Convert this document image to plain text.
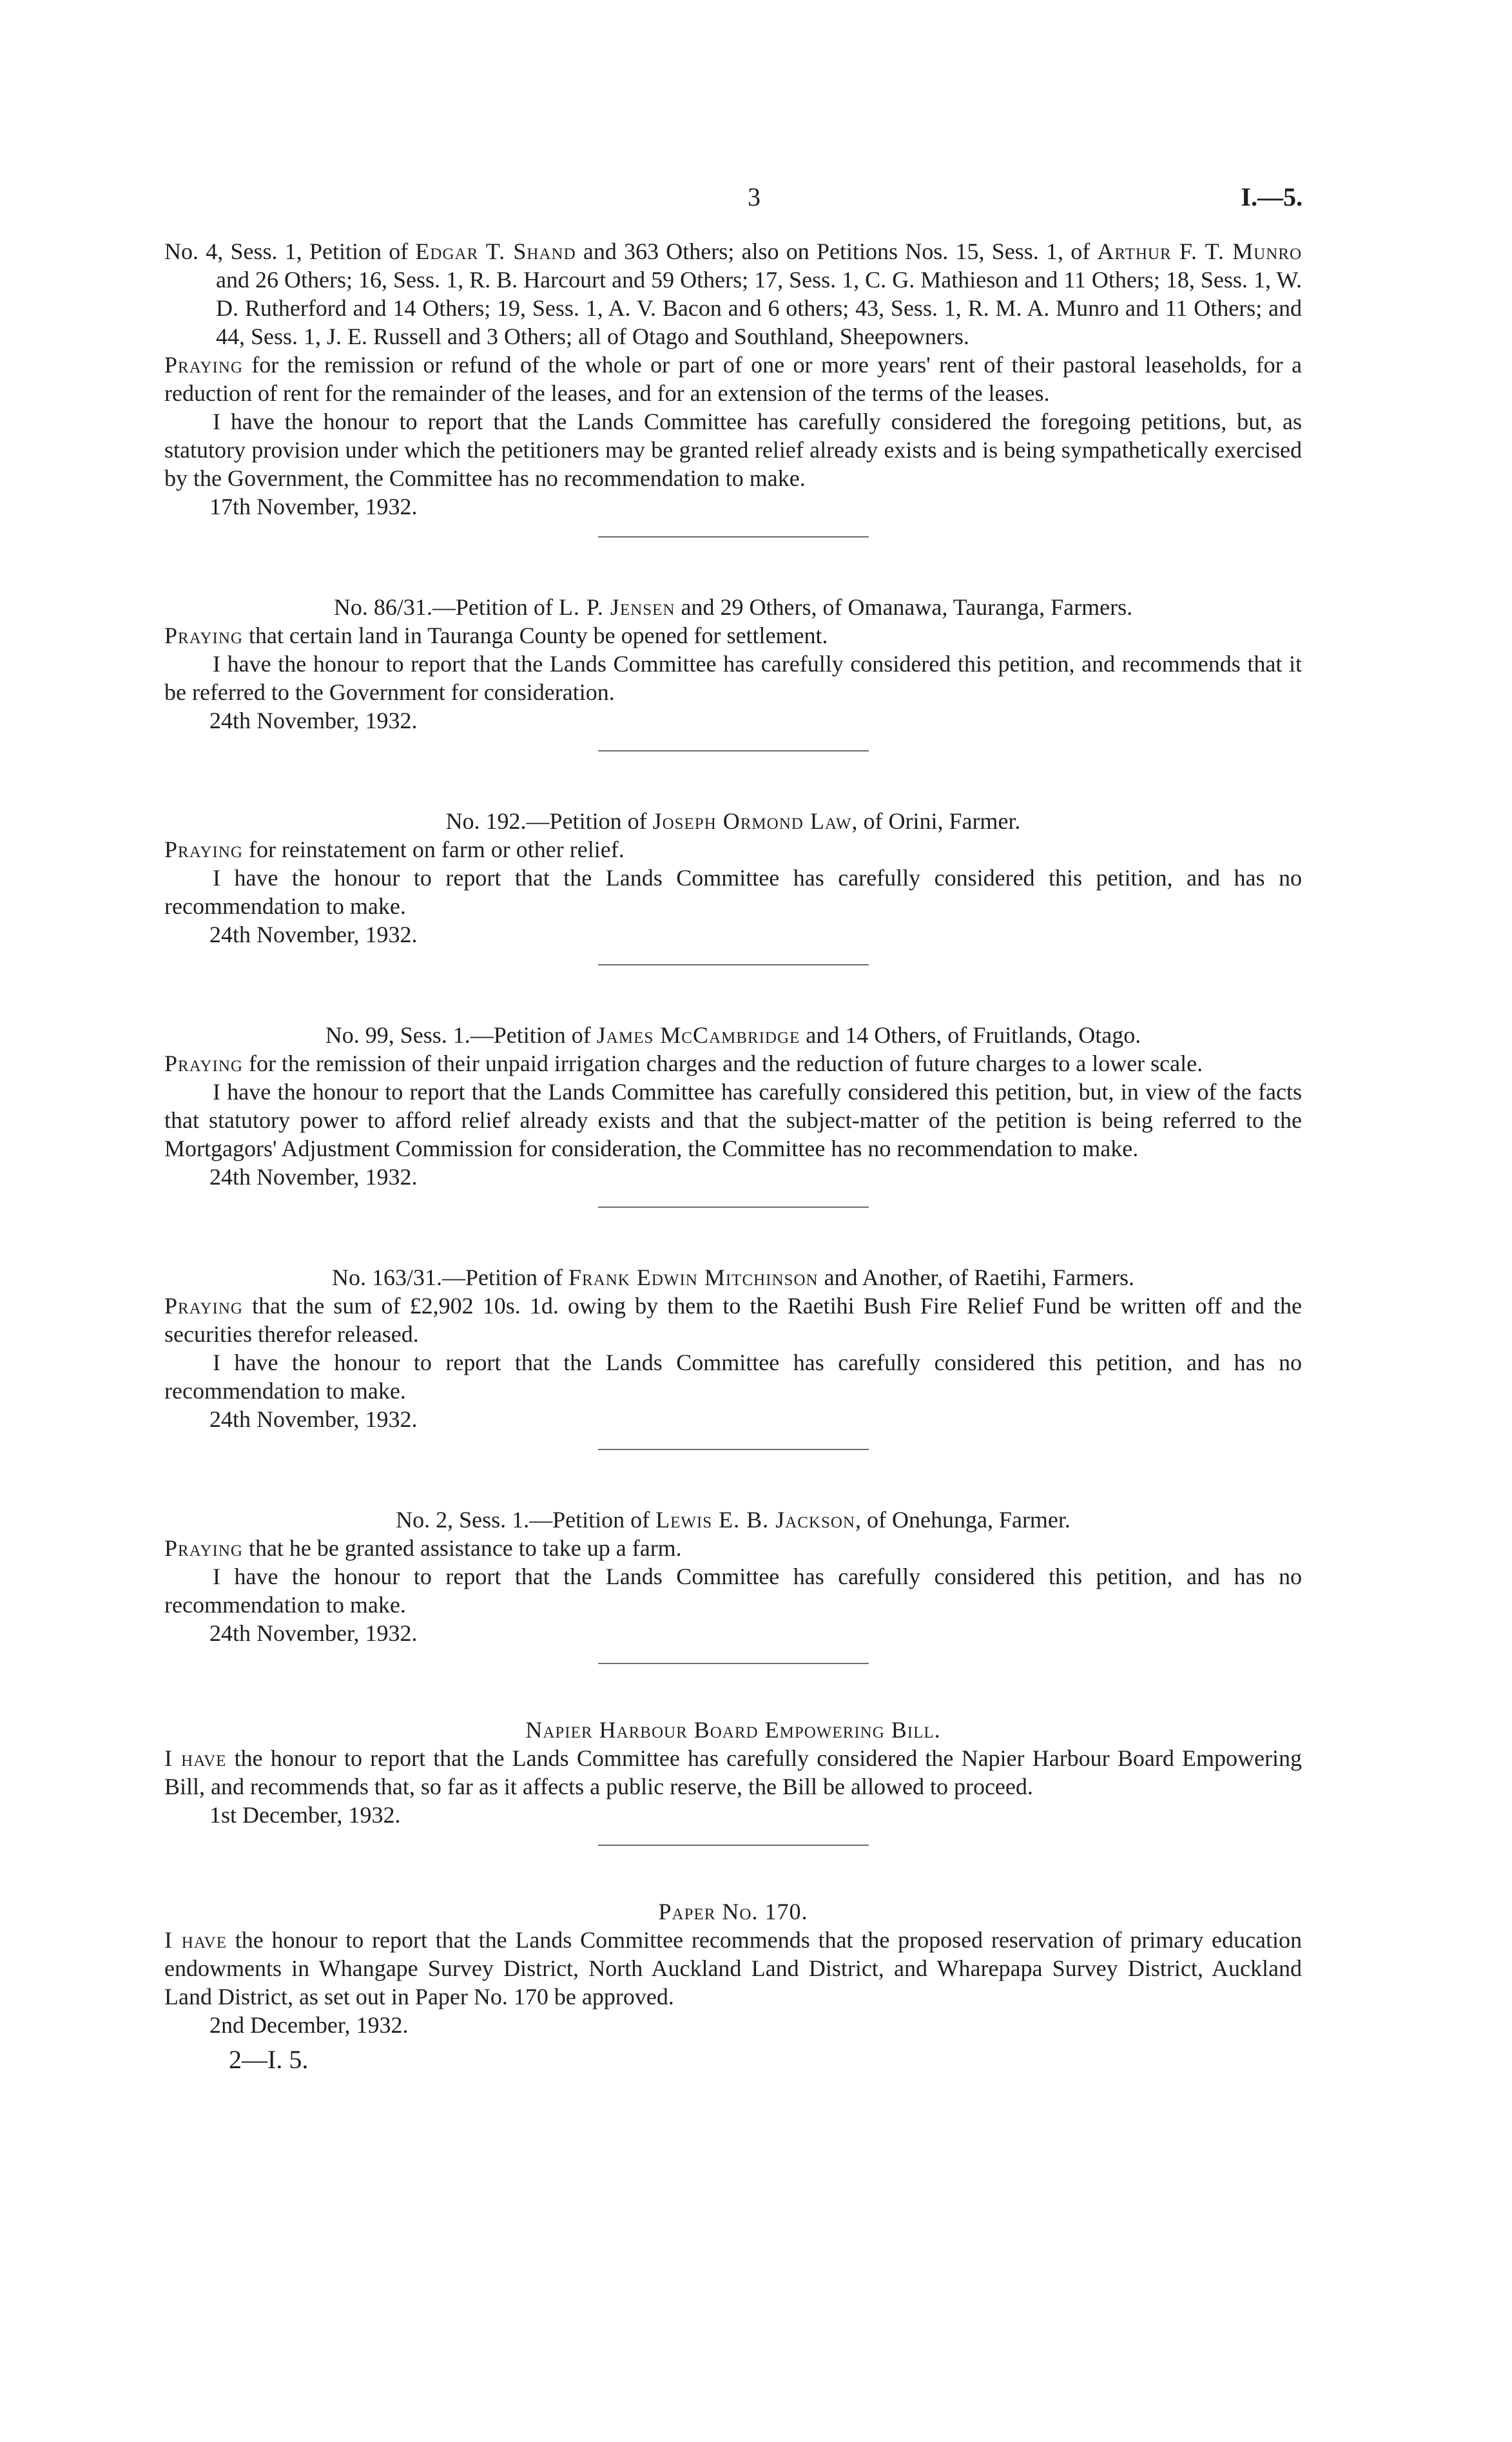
3	I.—5.

No. 4, Sess. 1, Petition of Edgar T. Shand and 363 Others; also on Petitions Nos. 15, Sess. 1, of Arthur F. T. Munro and 26 Others; 16, Sess. 1, R. B. Harcourt and 59 Others; 17, Sess. 1, C. G. Mathieson and 11 Others; 18, Sess. 1, W. D. Rutherford and 14 Others; 19, Sess. 1, A. V. Bacon and 6 others; 43, Sess. 1, R. M. A. Munro and 11 Others; and 44, Sess. 1, J. E. Russell and 3 Others; all of Otago and Southland, Sheepowners.

Praying for the remission or refund of the whole or part of one or more years' rent of their pastoral leaseholds, for a reduction of rent for the remainder of the leases, and for an extension of the terms of the leases.

I have the honour to report that the Lands Committee has carefully considered the foregoing petitions, but, as statutory provision under which the petitioners may be granted relief already exists and is being sympathetically exercised by the Government, the Committee has no recommendation to make.

17th November, 1932.

No. 86/31.—Petition of L. P. Jensen and 29 Others, of Omanawa, Tauranga, Farmers.

Praying that certain land in Tauranga County be opened for settlement.

I have the honour to report that the Lands Committee has carefully considered this petition, and recommends that it be referred to the Government for consideration.

24th November, 1932.

No. 192.—Petition of Joseph Ormond Law, of Orini, Farmer.

Praying for reinstatement on farm or other relief.

I have the honour to report that the Lands Committee has carefully considered this petition, and has no recommendation to make.

24th November, 1932.

No. 99, Sess. 1.—Petition of James McCambridge and 14 Others, of Fruitlands, Otago.

Praying for the remission of their unpaid irrigation charges and the reduction of future charges to a lower scale.

I have the honour to report that the Lands Committee has carefully considered this petition, but, in view of the facts that statutory power to afford relief already exists and that the subject-matter of the petition is being referred to the Mortgagors' Adjustment Commission for consideration, the Committee has no recommendation to make.

24th November, 1932.

No. 163/31.—Petition of Frank Edwin Mitchinson and Another, of Raetihi, Farmers.

Praying that the sum of £2,902 10s. 1d. owing by them to the Raetihi Bush Fire Relief Fund be written off and the securities therefor released.

I have the honour to report that the Lands Committee has carefully considered this petition, and has no recommendation to make.

24th November, 1932.

No. 2, Sess. 1.—Petition of Lewis E. B. Jackson, of Onehunga, Farmer.

Praying that he be granted assistance to take up a farm.

I have the honour to report that the Lands Committee has carefully considered this petition, and has no recommendation to make.

24th November, 1932.

Napier Harbour Board Empowering Bill.

I have the honour to report that the Lands Committee has carefully considered the Napier Harbour Board Empowering Bill, and recommends that, so far as it affects a public reserve, the Bill be allowed to proceed.

1st December, 1932.

Paper No. 170.

I have the honour to report that the Lands Committee recommends that the proposed reservation of primary education endowments in Whangape Survey District, North Auckland Land District, and Wharepapa Survey District, Auckland Land District, as set out in Paper No. 170 be approved.

2nd December, 1932.

2—I. 5.
